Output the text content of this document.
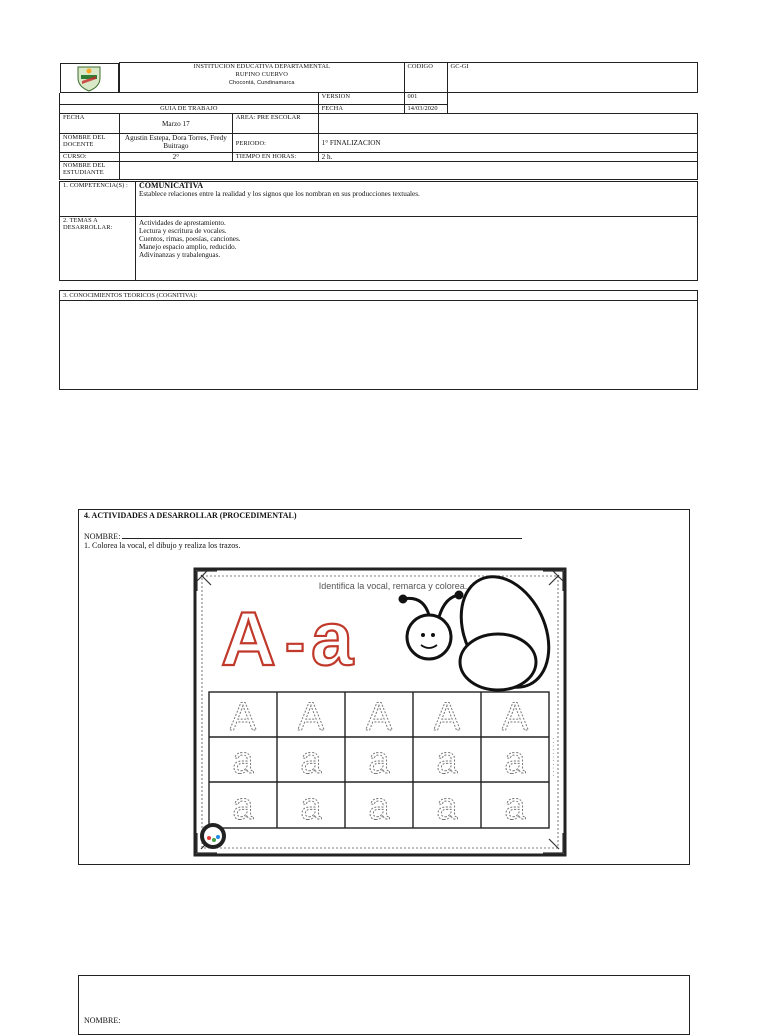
INSTITUCION EDUCATIVA DEPARTAMENTAL
RUFINO CUERVO
Chocontá, Cundinamarca			CODIGO	GC-GI
			VERSION	001	
GUIA DE TRABAJO			FECHA	14/03/2020	
FECHA	Marzo 17	AREA: PRE ESCOLAR			
NOMBRE DEL DOCENTE	Agustin Estepa, Dora Torres, Fredy Buitrago	PERIODO:	1° FINALIZACION		
CURSO:	2°	TIEMPO EN HORAS:	2 h.		
NOMBRE DEL ESTUDIANTE					
1. COMPETENCIA(S) :	COMUNICATIVA
Establece relaciones entre la realidad y los signos que los nombran en sus producciones textuales.

2. TEMAS A DESARROLLAR:	Actividades de aprestamiento.
Lectura y escritura de vocales.
Cuentos, rimas, poesías, canciones.
Manejo espacio amplio, reducido.
Adivinanzas y trabalenguas.
3. CONOCIMIENTOS TEORICOS (COGNITIVA):
4. ACTIVIDADES A DESARROLLAR (PROCEDIMENTAL)
NOMBRE:
1. Colorea la vocal, el dibujo y realiza los trazos.
Identifica la vocal, remarca y colorea.
A - a
· · · · · · · · · · ·
A A A A A
a a a a a
a a a a a
NOMBRE:
